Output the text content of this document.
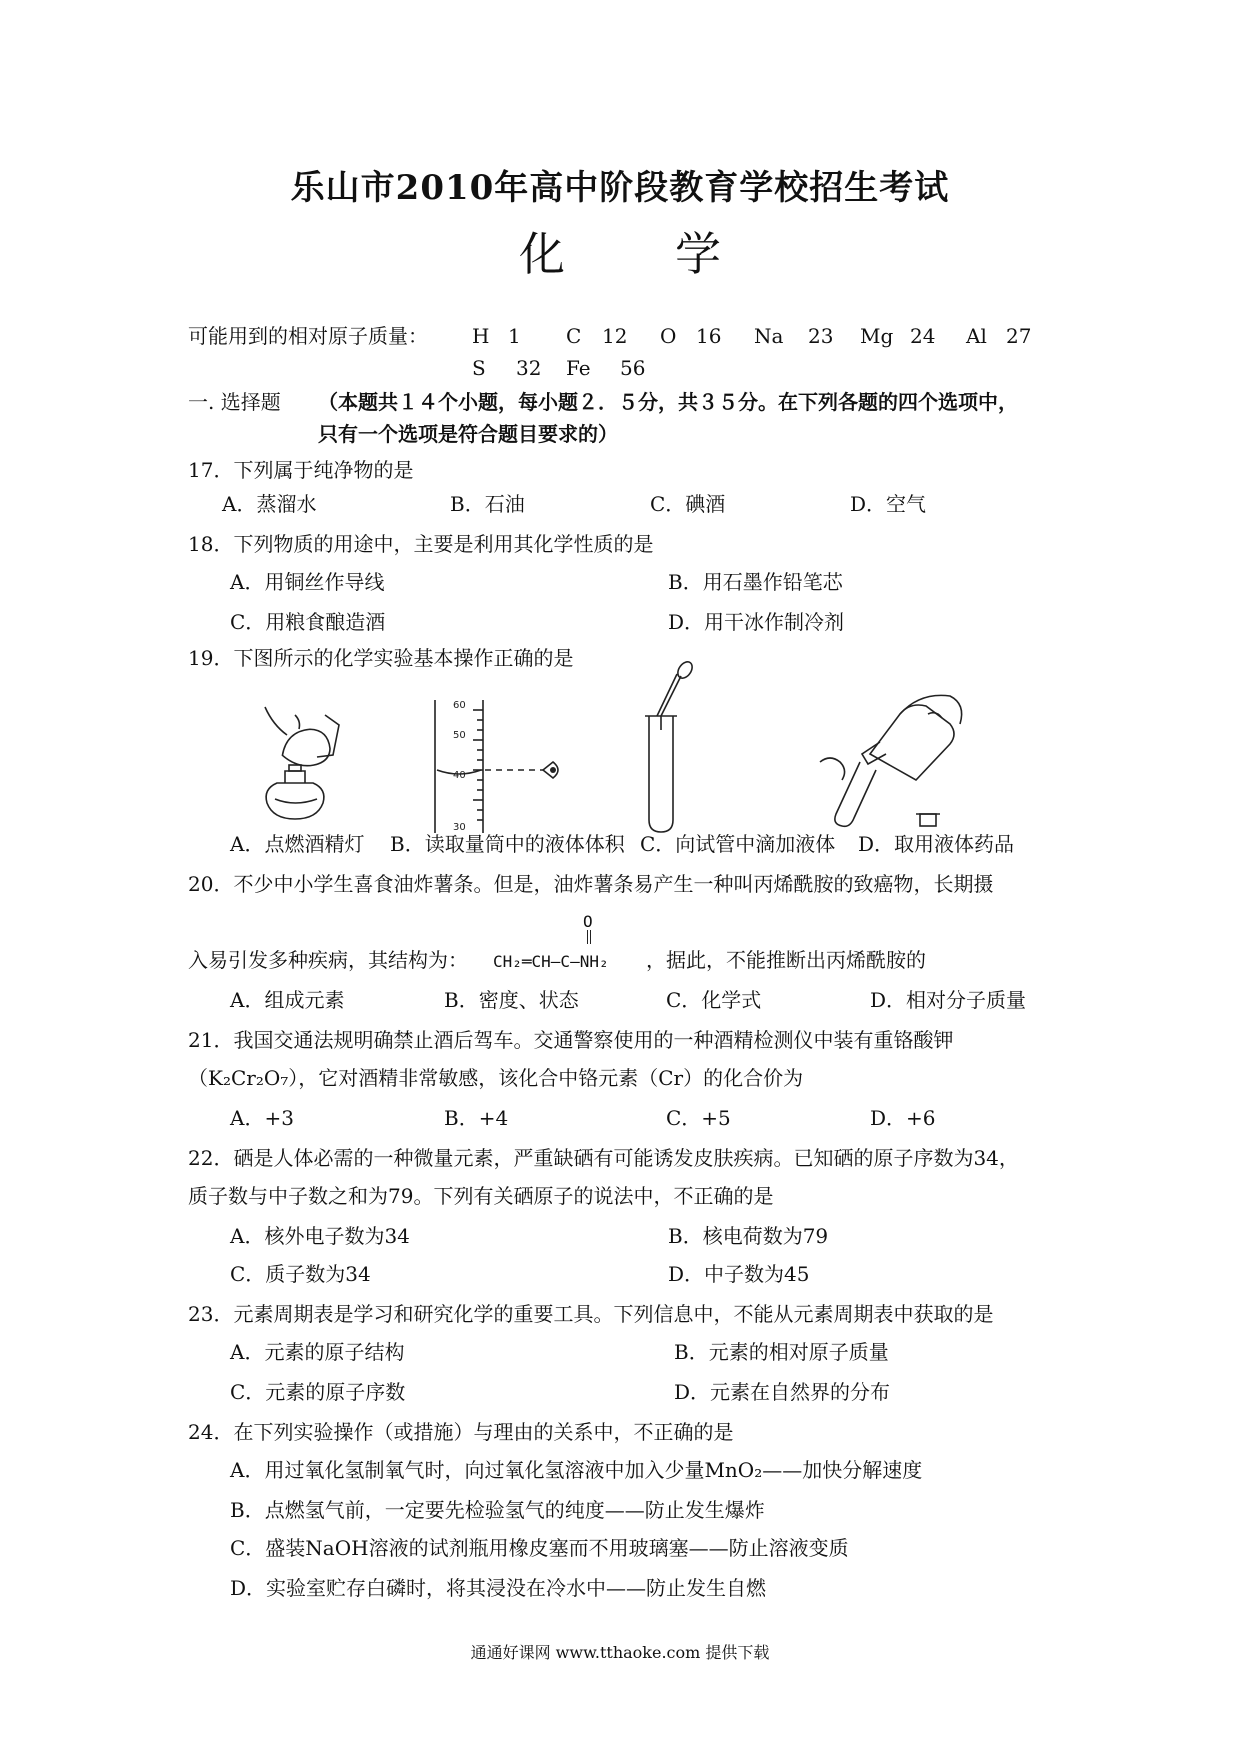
乐山市2010年高中阶段教育学校招生考试
化 学
可能用到的相对原子质量： H 1 C 12 O 16 Na 23 Mg 24 Al 27
S 32 Fe 56
一. 选择题 （本题共１４个小题，每小题２．５分，共３５分。在下列各题的四个选项中，
只有一个选项是符合题目要求的）
17．下列属于纯净物的是
A．蒸溜水	B．石油	C．碘酒	D．空气
18．下列物质的用途中，主要是利用其化学性质的是
A．用铜丝作导线	B．用石墨作铅笔芯
C．用粮食酿造酒	D．用干冰作制冷剂
19．下图所示的化学实验基本操作正确的是
60
50
40
30
A．点燃酒精灯 B．读取量筒中的液体体积 C．向试管中滴加液体 D．取用液体药品
20．不少中小学生喜食油炸薯条。但是，油炸薯条易产生一种叫丙烯酰胺的致癌物，长期摄
O
入易引发多种疾病，其结构为： CH₂═CH—C—NH₂ ，据此，不能推断出丙烯酰胺的
A．组成元素	B．密度、状态	C．化学式	D．相对分子质量
21．我国交通法规明确禁止酒后驾车。交通警察使用的一种酒精检测仪中装有重铬酸钾
（K₂Cr₂O₇），它对酒精非常敏感，该化合中铬元素（Cr）的化合价为
A．+3	B．+4	C．+5	D．+6
22．硒是人体必需的一种微量元素，严重缺硒有可能诱发皮肤疾病。已知硒的原子序数为34，
质子数与中子数之和为79。下列有关硒原子的说法中，不正确的是
A．核外电子数为34	B．核电荷数为79
C．质子数为34	D．中子数为45
23．元素周期表是学习和研究化学的重要工具。下列信息中，不能从元素周期表中获取的是
A．元素的原子结构	B．元素的相对原子质量
C．元素的原子序数	D．元素在自然界的分布
24．在下列实验操作（或措施）与理由的关系中，不正确的是
A．用过氧化氢制氧气时，向过氧化氢溶液中加入少量MnO₂——加快分解速度
B．点燃氢气前，一定要先检验氢气的纯度——防止发生爆炸
C．盛装NaOH溶液的试剂瓶用橡皮塞而不用玻璃塞——防止溶液变质
D．实验室贮存白磷时，将其浸没在冷水中——防止发生自燃
通通好课网 www.tthaoke.com 提供下载
